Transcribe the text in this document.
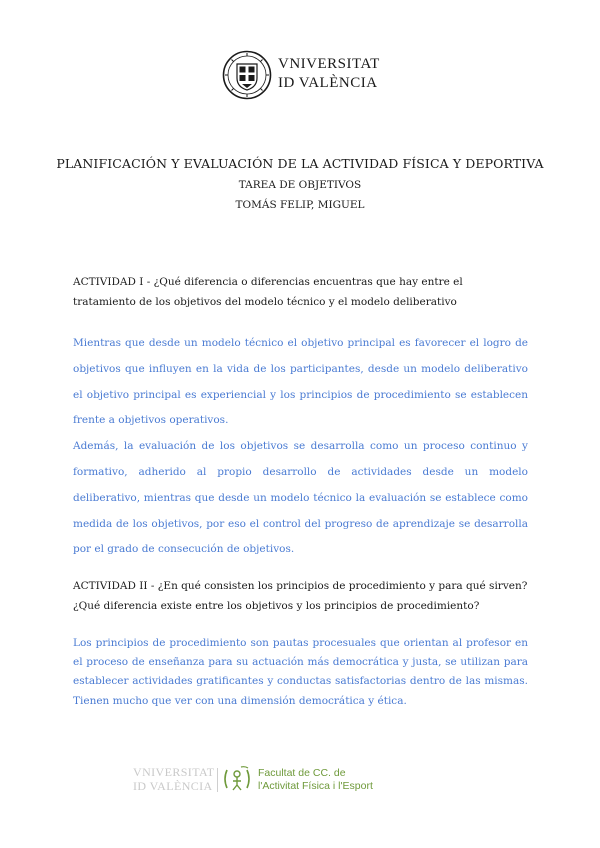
VNIVERSITAT
ID VALÈNCIA
PLANIFICACIÓN Y EVALUACIÓN DE LA ACTIVIDAD FÍSICA Y DEPORTIVA
TAREA DE OBJETIVOS
TOMÁS FELIP, MIGUEL
ACTIVIDAD I - ¿Qué diferencia o diferencias encuentras que hay entre el tratamiento de los objetivos del modelo técnico y el modelo deliberativo

Mientras que desde un modelo técnico el objetivo principal es favorecer el logro de objetivos que influyen en la vida de los participantes, desde un modelo deliberativo el objetivo principal es experiencial y los principios de procedimiento se establecen frente a objetivos operativos.

Además, la evaluación de los objetivos se desarrolla como un proceso continuo y formativo, adherido al propio desarrollo de actividades desde un modelo deliberativo, mientras que desde un modelo técnico la evaluación se establece como medida de los objetivos, por eso el control del progreso de aprendizaje se desarrolla por el grado de consecución de objetivos.

ACTIVIDAD II - ¿En qué consisten los principios de procedimiento y para qué sirven? ¿Qué diferencia existe entre los objetivos y los principios de procedimiento?

Los principios de procedimiento son pautas procesuales que orientan al profesor en el proceso de enseñanza para su actuación más democrática y justa, se utilizan para establecer actividades gratificantes y conductas satisfactorias dentro de las mismas. Tienen mucho que ver con una dimensión democrática y ética.

VNIVERSITAT
ID VALÈNCIA
Facultat de CC. de
l'Activitat Física i l'Esport
